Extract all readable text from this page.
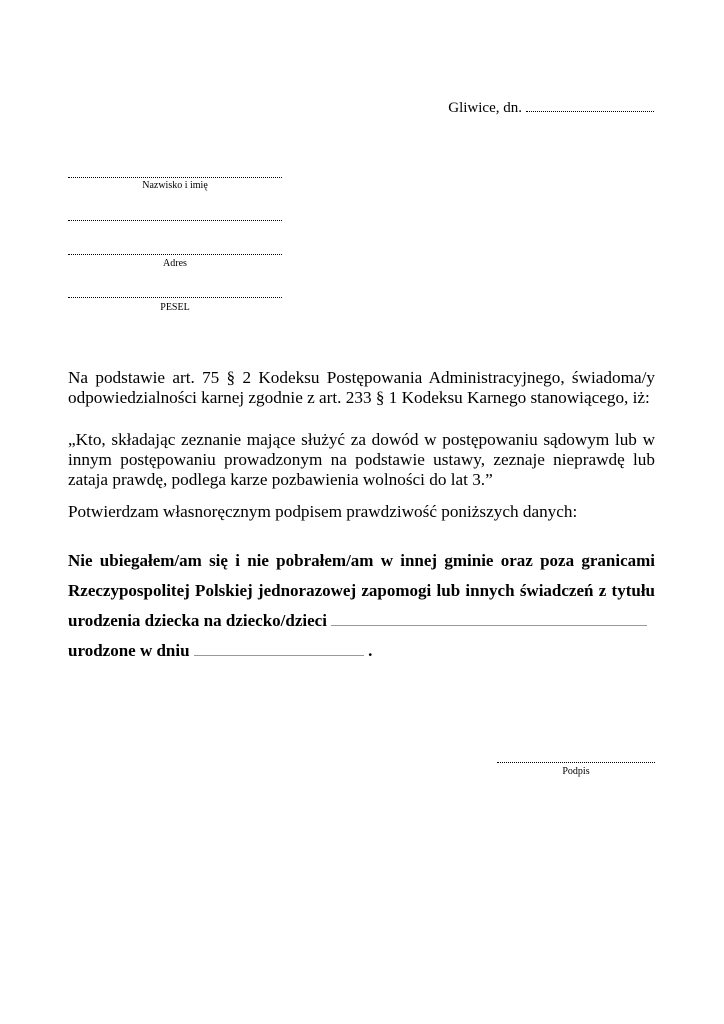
Gliwice, dn.
Nazwisko i imię
Adres
PESEL
Na podstawie art. 75 § 2 Kodeksu Postępowania Administracyjnego, świadoma/y odpowiedzialności karnej zgodnie z art. 233 § 1 Kodeksu Karnego stanowiącego, iż:
„Kto, składając zeznanie mające służyć za dowód w postępowaniu sądowym lub w innym postępowaniu prowadzonym na podstawie ustawy, zeznaje nieprawdę lub zataja prawdę, podlega karze pozbawienia wolności do lat 3.”
Potwierdzam własnoręcznym podpisem prawdziwość poniższych danych:
Nie ubiegałem/am się i nie pobrałem/am w innej gminie oraz poza granicami
Rzeczypospolitej Polskiej jednorazowej zapomogi lub innych świadczeń z tytułu
urodzenia dziecka na dziecko/dzieci
urodzone w dniu	.
Podpis
